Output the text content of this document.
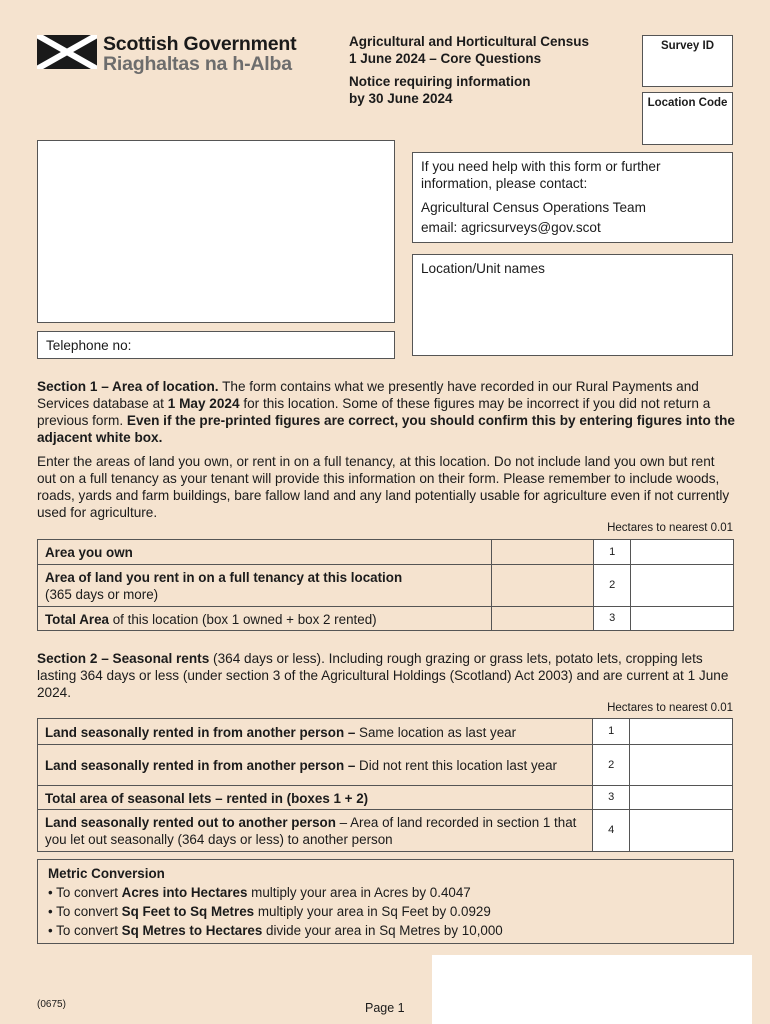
Scottish Government
Riaghaltas na h-Alba
Agricultural and Horticultural Census
1 June 2024 – Core Questions
Notice requiring information
by 30 June 2024
Survey ID
Location Code
Telephone no:
If you need help with this form or further information, please contact:
Agricultural Census Operations Team
email: agricsurveys@gov.scot
Location/Unit names
Section 1 – Area of location. The form contains what we presently have recorded in our Rural Payments and Services database at 1 May 2024 for this location. Some of these figures may be incorrect if you did not return a previous form. Even if the pre-printed figures are correct, you should confirm this by entering figures into the adjacent white box.
Enter the areas of land you own, or rent in on a full tenancy, at this location. Do not include land you own but rent out on a full tenancy as your tenant will provide this information on their form. Please remember to include woods, roads, yards and farm buildings, bare fallow land and any land potentially usable for agriculture even if not currently used for agriculture.
Hectares to nearest 0.01
Area you own		1	
Area of land you rent in on a full tenancy at this location
(365 days or more)		2	
Total Area of this location (box 1 owned + box 2 rented)		3	
Section 2 – Seasonal rents (364 days or less). Including rough grazing or grass lets, potato lets, cropping lets lasting 364 days or less (under section 3 of the Agricultural Holdings (Scotland) Act 2003) and are current at 1 June 2024.
Hectares to nearest 0.01
Land seasonally rented in from another person – Same location as last year	1	
Land seasonally rented in from another person – Did not rent this location last year	2	
Total area of seasonal lets – rented in (boxes 1 + 2)	3	
Land seasonally rented out to another person – Area of land recorded in section 1 that you let out seasonally (364 days or less) to another person	4	
Metric Conversion
• To convert Acres into Hectares multiply your area in Acres by 0.4047
• To convert Sq Feet to Sq Metres multiply your area in Sq Feet by 0.0929
• To convert Sq Metres to Hectares divide your area in Sq Metres by 10,000
(0675)	Page 1
